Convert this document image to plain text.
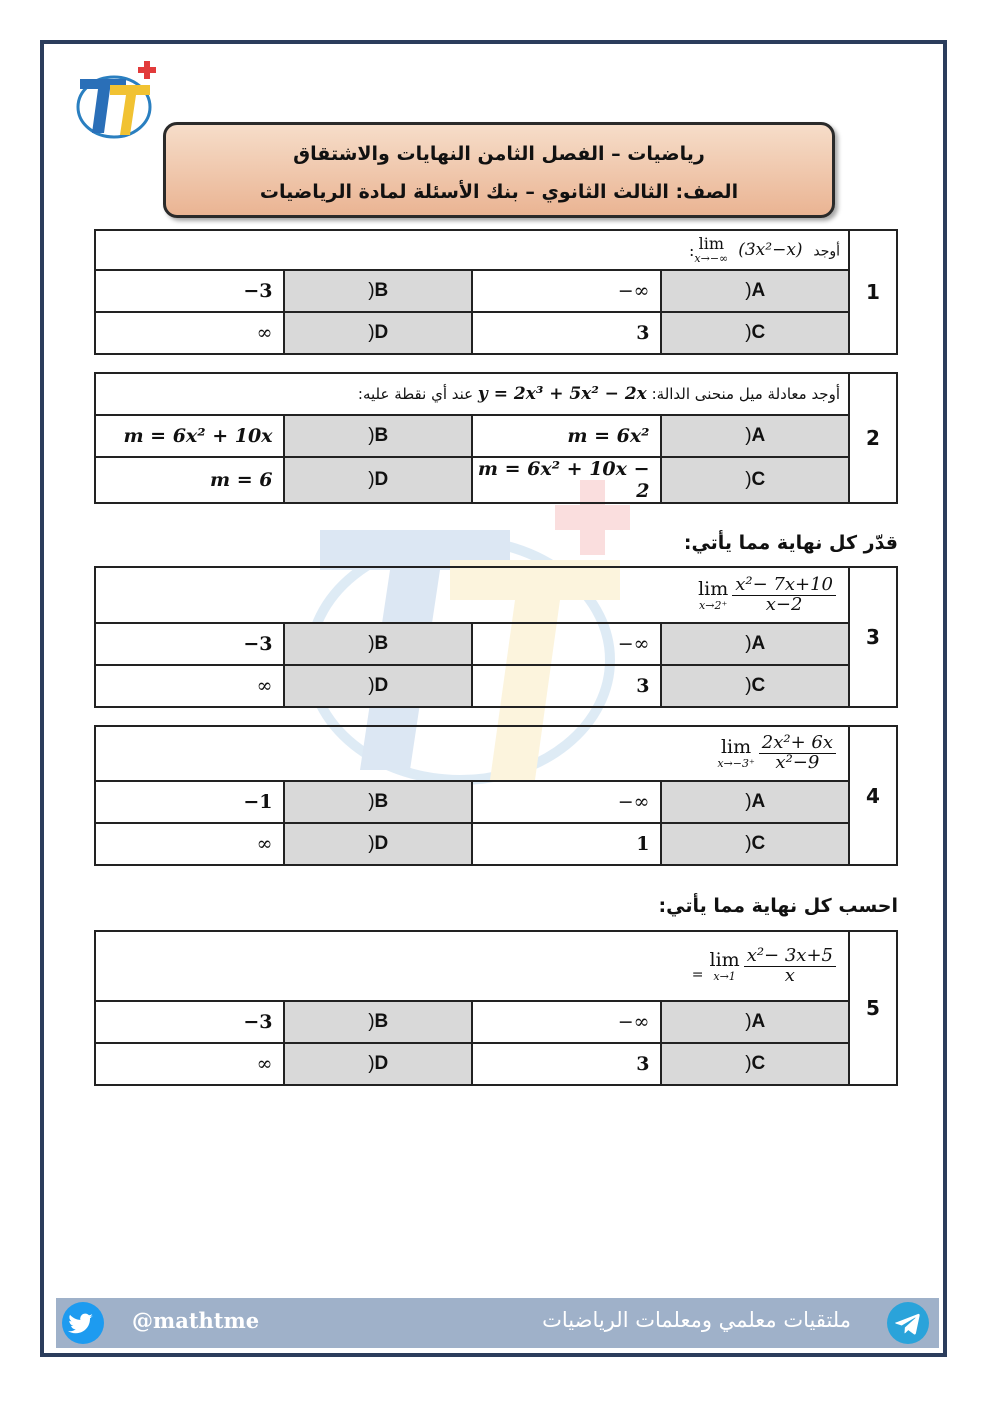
رياضيات – الفصل الثامن النهايات والاشتقاق
الصف: الثالث الثانوي – بنك الأسئلة لمادة الرياضيات
أوجد
: lim
x→−∞ (3x²−x)				1
−3	)B	−∞	)A	
∞	)D	3	)C	
أوجد معادلة ميل منحنى الدالة: y = 2x³ + 5x² − 2x عند أي نقطة عليه:				2
m = 6x² + 10x	)B	m = 6x²	)A	
m = 6	)D	m = 6x² + 10x − 2	)C	
قدّر كل نهاية مما يأتي:
lim
$x\to 2^+ \frac{\text{x²− 7x+10}}{x-2}$				3
−3	)B	−∞	)A	
∞	)D	3	)C	
lim
$x\to-3^+ \frac{\text{2x²+ 6x}}{\text{x²−9}}$				4
−1	)B	−∞	)A	
∞	)D	1	)C	
احسب كل نهاية مما يأتي:
=
lim
$x\to 1 \frac{\text{x²− 3x+5}}{x}$				5
−3	)B	−∞	)A	
∞	)D	3	)C	
@mathtme	ملتقيات معلمي ومعلمات الرياضيات
